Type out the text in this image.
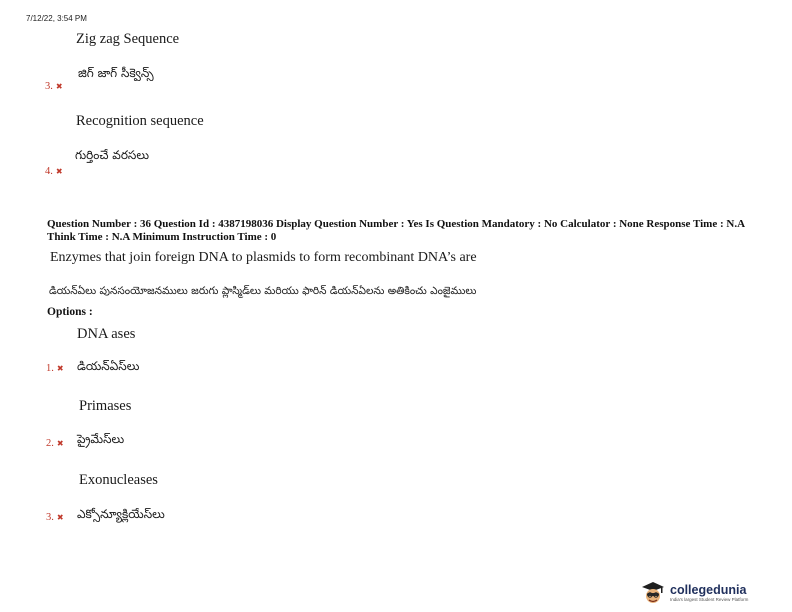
7/12/22, 3:54 PM
Zig zag Sequence
జిగ్ జాగ్ సీక్వెన్స్
3. ✖
Recognition sequence
గుర్తించే వరసలు
4. ✖
Question Number : 36 Question Id : 4387198036 Display Question Number : Yes Is Question Mandatory : No Calculator : None Response Time : N.A Think Time : N.A Minimum Instruction Time : 0
Enzymes that join foreign DNA to plasmids to form recombinant DNA’s are
డియన్ఏలు పునసంయోజనములు జరుగు ప్లాస్మిడ్‌లు మరియు ఫారిన్ డియన్ఏలను అతికించు ఎంజైములు
Options :
DNA ases
డియన్ఏస్‌లు
1. ✖
Primases
ప్రైమేస్‌లు
2. ✖
Exonucleases
ఎక్సోన్యూక్లియేస్‌లు
3. ✖
collegedunia
India's largest Student Review Platform
